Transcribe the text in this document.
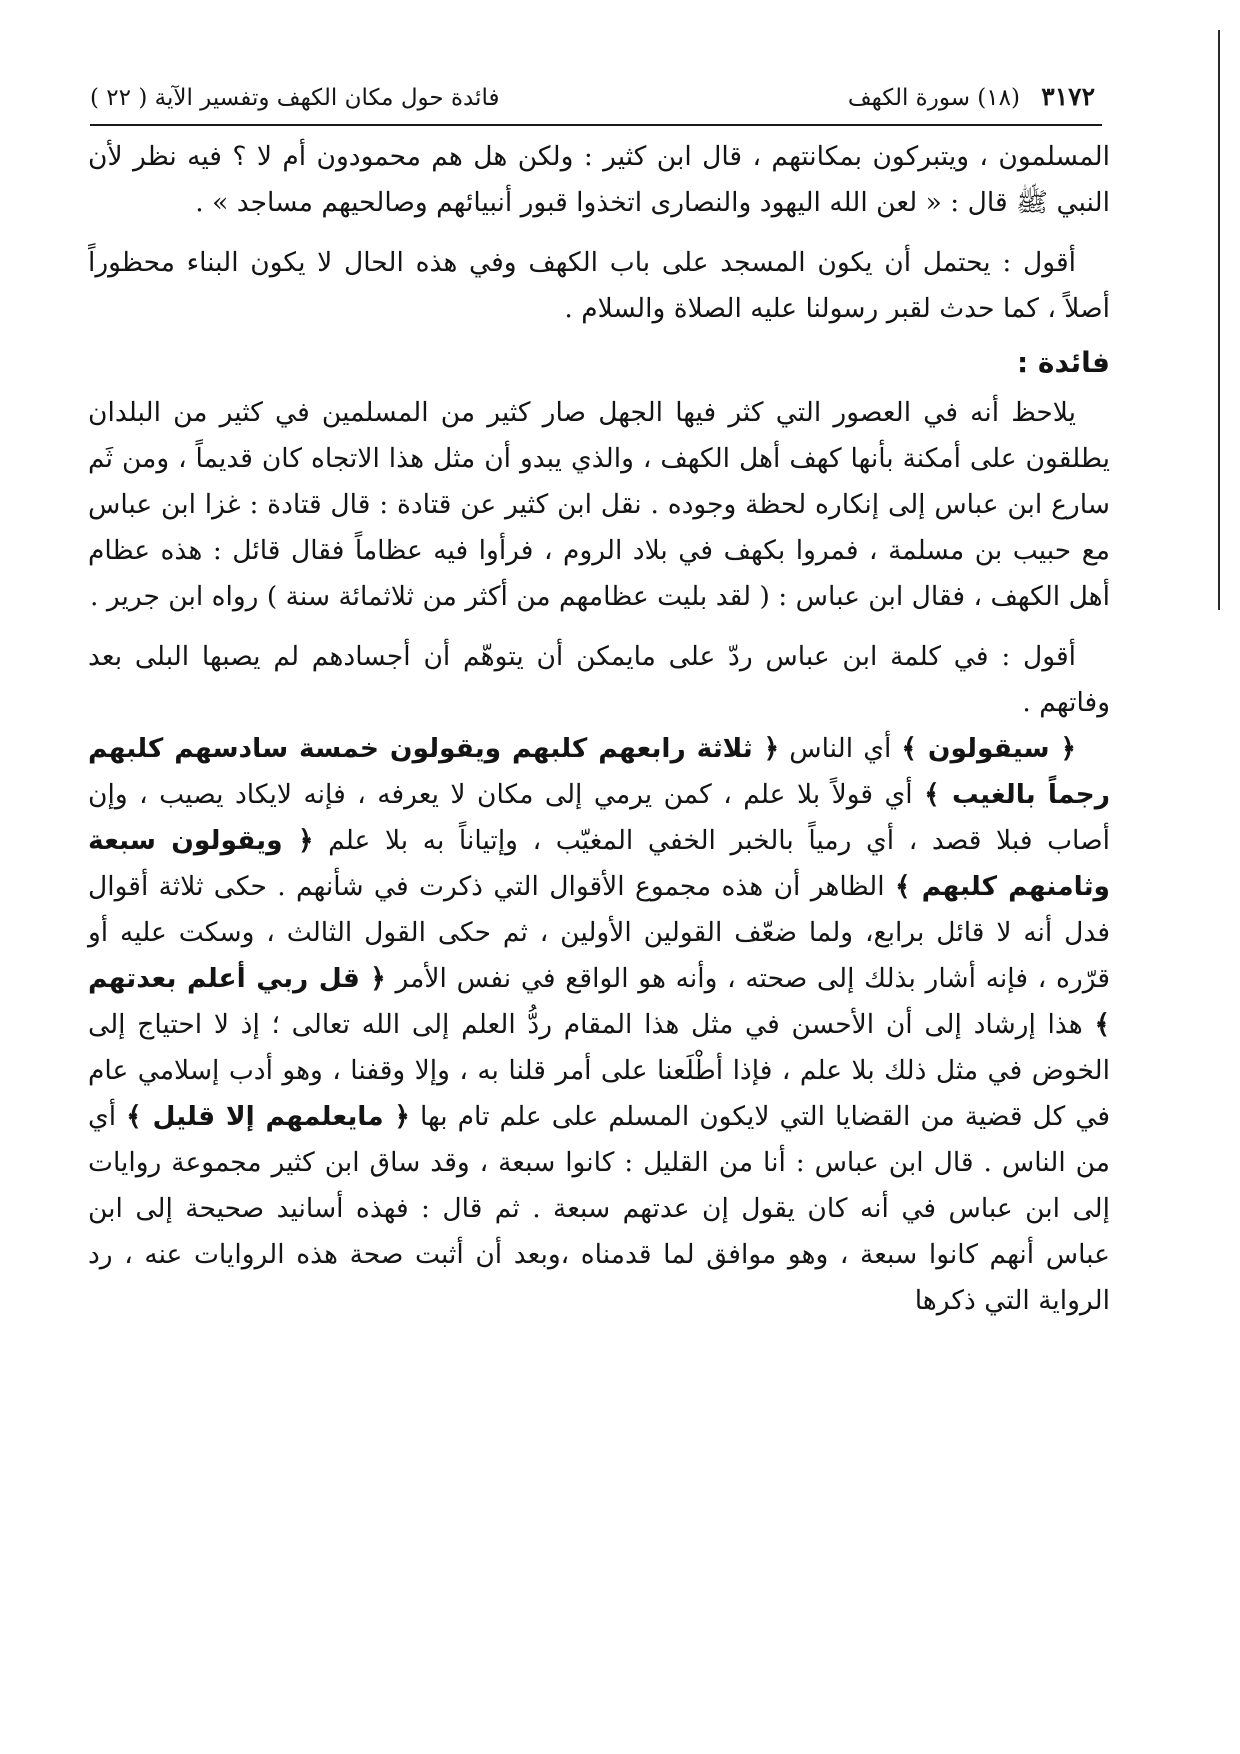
٣١٧٢ (١٨) سورة الكهف
فائدة حول مكان الكهف وتفسير الآية ( ٢٢ )

المسلمون ، ويتبركون بمكانتهم ، قال ابن كثير : ولكن هل هم محمودون أم لا ؟ فيه نظر لأن النبي ﷺ قال : « لعن الله اليهود والنصارى اتخذوا قبور أنبيائهم وصالحيهم مساجد » .

أقول : يحتمل أن يكون المسجد على باب الكهف وفي هذه الحال لا يكون البناء محظوراً أصلاً ، كما حدث لقبر رسولنا عليه الصلاة والسلام .

فائدة :

يلاحظ أنه في العصور التي كثر فيها الجهل صار كثير من المسلمين في كثير من البلدان يطلقون على أمكنة بأنها كهف أهل الكهف ، والذي يبدو أن مثل هذا الاتجاه كان قديماً ، ومن ثَم سارع ابن عباس إلى إنكاره لحظة وجوده . نقل ابن كثير عن قتادة : قال قتادة : غزا ابن عباس مع حبيب بن مسلمة ، فمروا بكهف في بلاد الروم ، فرأوا فيه عظاماً فقال قائل : هذه عظام أهل الكهف ، فقال ابن عباس : ( لقد بليت عظامهم من أكثر من ثلاثمائة سنة ) رواه ابن جرير .

أقول : في كلمة ابن عباس ردّ على مايمكن أن يتوهّم أن أجسادهم لم يصبها البلى بعد وفاتهم .

﴿ سيقولون ﴾ أي الناس ﴿ ثلاثة رابعهم كلبهم ويقولون خمسة سادسهم كلبهم رجماً بالغيب ﴾ أي قولاً بلا علم ، كمن يرمي إلى مكان لا يعرفه ، فإنه لايكاد يصيب ، وإن أصاب فبلا قصد ، أي رمياً بالخبر الخفي المغيّب ، وإتياناً به بلا علم ﴿ ويقولون سبعة وثامنهم كلبهم ﴾ الظاهر أن هذه مجموع الأقوال التي ذكرت في شأنهم . حكى ثلاثة أقوال فدل أنه لا قائل برابع، ولما ضعّف القولين الأولين ، ثم حكى القول الثالث ، وسكت عليه أو قرّره ، فإنه أشار بذلك إلى صحته ، وأنه هو الواقع في نفس الأمر ﴿ قل ربي أعلم بعدتهم ﴾ هذا إرشاد إلى أن الأحسن في مثل هذا المقام ردُّ العلم إلى الله تعالى ؛ إذ لا احتياج إلى الخوض في مثل ذلك بلا علم ، فإذا أطْلَعنا على أمر قلنا به ، وإلا وقفنا ، وهو أدب إسلامي عام في كل قضية من القضايا التي لايكون المسلم على علم تام بها ﴿ مايعلمهم إلا قليل ﴾ أي من الناس . قال ابن عباس : أنا من القليل : كانوا سبعة ، وقد ساق ابن كثير مجموعة روايات إلى ابن عباس في أنه كان يقول إن عدتهم سبعة . ثم قال : فهذه أسانيد صحيحة إلى ابن عباس أنهم كانوا سبعة ، وهو موافق لما قدمناه ،وبعد أن أثبت صحة هذه الروايات عنه ، رد الرواية التي ذكرها
